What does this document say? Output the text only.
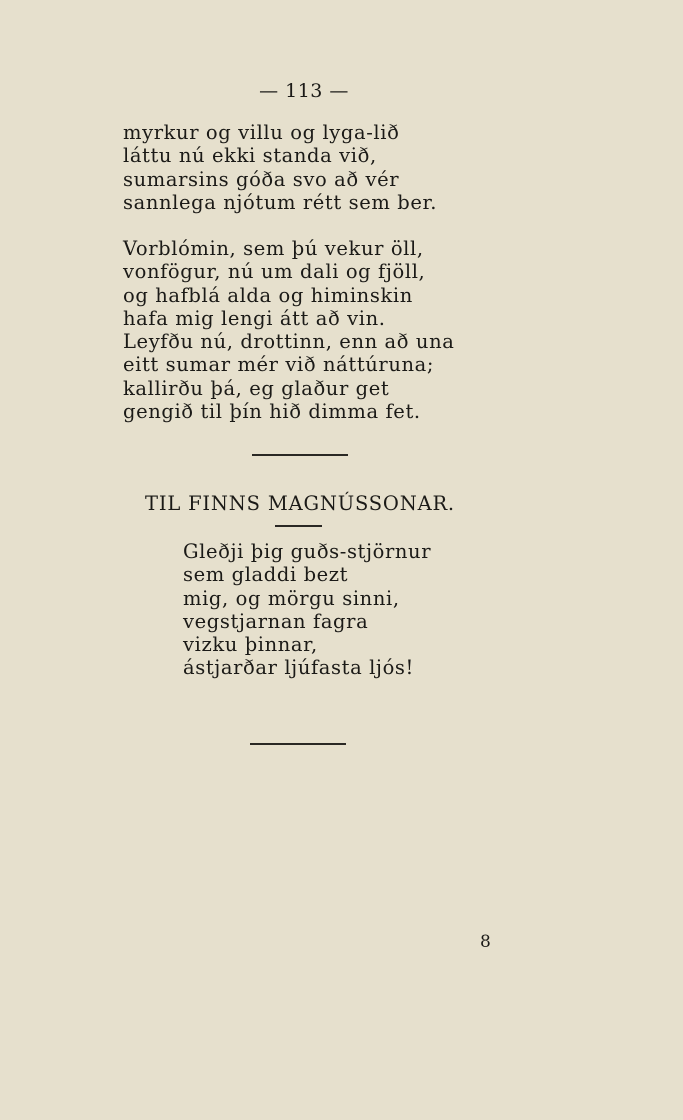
— 113 —
myrkur og villu og lyga-lið
láttu nú ekki standa við,
sumarsins góða svo að vér
sannlega njótum rétt sem ber.
Vorblómin, sem þú vekur öll,
vonfögur, nú um dali og fjöll,
og hafblá alda og himinskin
hafa mig lengi átt að vin.
Leyfðu nú, drottinn, enn að una
eitt sumar mér við náttúruna;
kallirðu þá, eg glaður get
gengið til þín hið dimma fet.
TIL FINNS MAGNÚSSONAR.
Gleðji þig guðs-stjörnur
sem gladdi bezt
mig, og mörgu sinni,
vegstjarnan fagra
vizku þinnar,
ástjarðar ljúfasta ljós!
8
